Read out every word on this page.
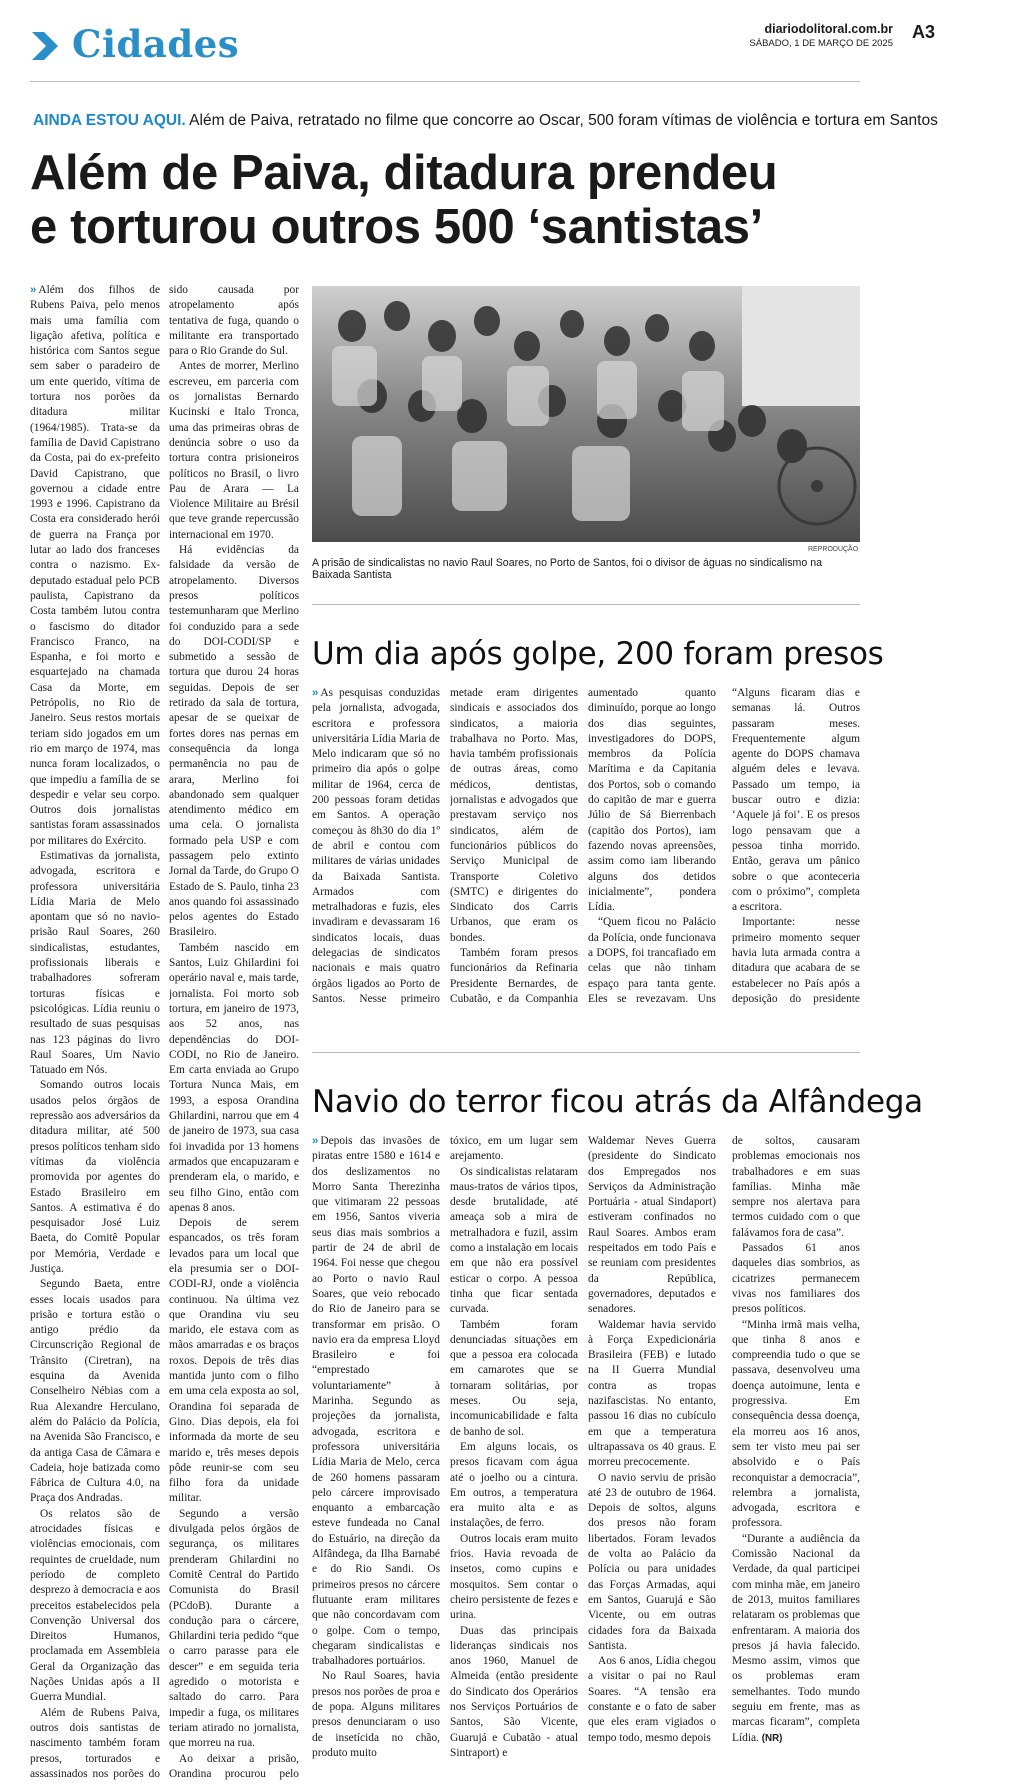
Cidades	diariodolitoral.com.br
SÁBADO, 1 DE MARÇO DE 2025
A3
AINDA ESTOU AQUI. Além de Paiva, retratado no filme que concorre ao Oscar, 500 foram vítimas de violência e tortura em Santos
Além de Paiva, ditadura prendeu
e torturou outros 500 ‘santistas’

» Além dos filhos de Rubens Paiva, pelo menos mais uma família com ligação afetiva, política e histórica com Santos segue sem saber o paradeiro de um ente querido, vítima de tortura nos porões da ditadura militar (1964/1985). Trata-se da família de David Capistrano da Costa, pai do ex-prefeito David Capistrano, que governou a cidade entre 1993 e 1996. Capistrano da Costa era considerado herói de guerra na França por lutar ao lado dos franceses contra o nazismo. Ex-deputado estadual pelo PCB paulista, Capistrano da Costa também lutou contra o fascismo do ditador Francisco Franco, na Espanha, e foi morto e esquartejado na chamada Casa da Morte, em Petrópolis, no Rio de Janeiro. Seus restos mortais teriam sido jogados em um rio em março de 1974, mas nunca foram localizados, o que impediu a família de se despedir e velar seu corpo. Outros dois jornalistas santistas foram assassinados por militares do Exército.

Estimativas da jornalista, advogada, escritora e professora universitária Lídia Maria de Melo apontam que só no navio-prisão Raul Soares, 260 sindicalistas, estudantes, profissionais liberais e trabalhadores sofreram torturas físicas e psicológicas. Lídia reuniu o resultado de suas pesquisas nas 123 páginas do livro Raul Soares, Um Navio Tatuado em Nós.

Somando outros locais usados pelos órgãos de repressão aos adversários da ditadura militar, até 500 presos políticos tenham sido vítimas da violência promovida por agentes do Estado Brasileiro em Santos. A estimativa é do pesquisador José Luiz Baeta, do Comitê Popular por Memória, Verdade e Justiça.

Segundo Baeta, entre esses locais usados para prisão e tortura estão o antigo prédio da Circunscrição Regional de Trânsito (Ciretran), na esquina da Avenida Conselheiro Nébias com a Rua Alexandre Herculano, além do Palácio da Polícia, na Avenida São Francisco, e da antiga Casa de Câmara e Cadeia, hoje batizada como Fábrica de Cultura 4.0, na Praça dos Andradas.

Os relatos são de atrocidades físicas e violências emocionais, com requintes de crueldade, num período de completo desprezo à democracia e aos preceitos estabelecidos pela Convenção Universal dos Direitos Humanos, proclamada em Assembleia Geral da Organização das Nações Unidas após a II Guerra Mundial.

Além de Rubens Paiva, outros dois santistas de nascimento também foram presos, torturados e assassinados nos porões do

sido causada por atropelamento após tentativa de fuga, quando o militante era transportado para o Rio Grande do Sul.

Antes de morrer, Merlino escreveu, em parceria com os jornalistas Bernardo Kucinski e Italo Tronca, uma das primeiras obras de denúncia sobre o uso da tortura contra prisioneiros políticos no Brasil, o livro Pau de Arara — La Violence Militaire au Brésil que teve grande repercussão internacional em 1970.

Há evidências da falsidade da versão de atropelamento. Diversos presos políticos testemunharam que Merlino foi conduzido para a sede do DOI-CODI/SP e submetido a sessão de tortura que durou 24 horas seguidas. Depois de ser retirado da sala de tortura, apesar de se queixar de fortes dores nas pernas em consequência da longa permanência no pau de arara, Merlino foi abandonado sem qualquer atendimento médico em uma cela. O jornalista formado pela USP e com passagem pelo extinto Jornal da Tarde, do Grupo O Estado de S. Paulo, tinha 23 anos quando foi assassinado pelos agentes do Estado Brasileiro.

Também nascido em Santos, Luiz Ghilardini foi operário naval e, mais tarde, jornalista. Foi morto sob tortura, em janeiro de 1973, aos 52 anos, nas dependências do DOI-CODI, no Rio de Janeiro. Em carta enviada ao Grupo Tortura Nunca Mais, em 1993, a esposa Orandina Ghilardini, narrou que em 4 de janeiro de 1973, sua casa foi invadida por 13 homens armados que encapuzaram e prenderam ela, o marido, e seu filho Gino, então com apenas 8 anos.

Depois de serem espancados, os três foram levados para um local que ela presumia ser o DOI-CODI-RJ, onde a violência continuou. Na última vez que Orandina viu seu marido, ele estava com as mãos amarradas e os braços roxos. Depois de três dias mantida junto com o filho em uma cela exposta ao sol, Orandina foi separada de Gino. Dias depois, ela foi informada da morte de seu marido e, três meses depois pôde reunir-se com seu filho fora da unidade militar.

Segundo a versão divulgada pelos órgãos de segurança, os militares prenderam Ghilardini no Comitê Central do Partido Comunista do Brasil (PCdoB). Durante a condução para o cárcere, Ghilardini teria pedido “que o carro parasse para ele descer” e em seguida teria agredido o motorista e saltado do carro. Para impedir a fuga, os militares teriam atirado no jornalista, que morreu na rua.

Ao deixar a prisão, Orandina procurou pelo

REPRODUÇÃO
A prisão de sindicalistas no navio Raul Soares, no Porto de Santos, foi o divisor de águas no sindicalismo na Baixada Santista
Um dia após golpe, 200 foram presos

» As pesquisas conduzidas pela jornalista, advogada, escritora e professora universitária Lídia Maria de Melo indicaram que só no primeiro dia após o golpe militar de 1964, cerca de 200 pessoas foram detidas em Santos. A operação começou às 8h30 do dia 1º de abril e contou com militares de várias unidades da Baixada Santista. Armados com metralhadoras e fuzis, eles invadiram e devassaram 16 sindicatos locais, duas delegacias de sindicatos nacionais e mais quatro órgãos ligados ao Porto de Santos. Nesse primeiro

metade eram dirigentes sindicais e associados dos sindicatos, a maioria trabalhava no Porto. Mas, havia também profissionais de outras áreas, como médicos, dentistas, jornalistas e advogados que prestavam serviço nos sindicatos, além de funcionários públicos do Serviço Municipal de Transporte Coletivo (SMTC) e dirigentes do Sindicato dos Carris Urbanos, que eram os bondes.

Também foram presos funcionários da Refinaria Presidente Bernardes, de Cubatão, e da Companhia

aumentado quanto diminuído, porque ao longo dos dias seguintes, investigadores do DOPS, membros da Polícia Marítima e da Capitania dos Portos, sob o comando do capitão de mar e guerra Júlio de Sá Bierrenbach (capitão dos Portos), iam fazendo novas apreensões, assim como iam liberando alguns dos detidos inicialmente”, pondera Lídia.

“Quem ficou no Palácio da Polícia, onde funcionava a DOPS, foi trancafiado em celas que não tinham espaço para tanta gente. Eles se revezavam. Uns

“Alguns ficaram dias e semanas lá. Outros passaram meses. Frequentemente algum agente do DOPS chamava alguém deles e levava. Passado um tempo, ia buscar outro e dizia: ‘Aquele já foi’. E os presos logo pensavam que a pessoa tinha morrido. Então, gerava um pânico sobre o que aconteceria com o próximo”, completa a escritora.

Importante: nesse primeiro momento sequer havia luta armada contra a ditadura que acabara de se estabelecer no País após a deposição do presidente

Navio do terror ficou atrás da Alfândega

» Depois das invasões de piratas entre 1580 e 1614 e dos deslizamentos no Morro Santa Therezinha que vitimaram 22 pessoas em 1956, Santos viveria seus dias mais sombrios a partir de 24 de abril de 1964. Foi nesse que chegou ao Porto o navio Raul Soares, que veio rebocado do Rio de Janeiro para se transformar em prisão. O navio era da empresa Lloyd Brasileiro e foi “emprestado voluntariamente” à Marinha. Segundo as projeções da jornalista, advogada, escritora e professora universitária Lídia Maria de Melo, cerca de 260 homens passaram pelo cárcere improvisado enquanto a embarcação esteve fundeada no Canal do Estuário, na direção da Alfândega, da Ilha Barnabé e do Rio Sandi. Os primeiros presos no cárcere flutuante eram militares que não concordavam com o golpe. Com o tempo, chegaram sindicalistas e trabalhadores portuários.

No Raul Soares, havia presos nos porões de proa e de popa. Alguns militares presos denunciaram o uso de insetícida no chão, produto muito

tóxico, em um lugar sem arejamento.

Os sindicalistas relataram maus-tratos de vários tipos, desde brutalidade, até ameaça sob a mira de metralhadora e fuzil, assim como a instalação em locais em que não era possível esticar o corpo. A pessoa tinha que ficar sentada curvada.

Também foram denunciadas situações em que a pessoa era colocada em camarotes que se tornaram solitárias, por meses. Ou seja, incomunicabilidade e falta de banho de sol.

Em alguns locais, os presos ficavam com água até o joelho ou a cintura. Em outros, a temperatura era muito alta e as instalações, de ferro.

Outros locais eram muito frios. Havia revoada de insetos, como cupins e mosquitos. Sem contar o cheiro persistente de fezes e urina.

Duas das principais lideranças sindicais nos anos 1960, Manuel de Almeida (então presidente do Sindicato dos Operários nos Serviços Portuários de Santos, São Vicente, Guarujá e Cubatão - atual Sintraport) e

Waldemar Neves Guerra (presidente do Sindicato dos Empregados nos Serviços da Administração Portuária - atual Sindaport) estiveram confinados no Raul Soares. Ambos eram respeitados em todo País e se reuniam com presidentes da República, governadores, deputados e senadores.

Waldemar havia servido à Força Expedicionária Brasileira (FEB) e lutado na II Guerra Mundial contra as tropas nazifascistas. No entanto, passou 16 dias no cubículo em que a temperatura ultrapassava os 40 graus. E morreu precocemente.

O navio serviu de prisão até 23 de outubro de 1964. Depois de soltos, alguns dos presos não foram libertados. Foram levados de volta ao Palácio da Polícia ou para unidades das Forças Armadas, aqui em Santos, Guarujá e São Vicente, ou em outras cidades fora da Baixada Santista.

Aos 6 anos, Lídia chegou a visitar o pai no Raul Soares. “A tensão era constante e o fato de saber que eles eram vigiados o tempo todo, mesmo depois

de soltos, causaram problemas emocionais nos trabalhadores e em suas famílias. Minha mãe sempre nos alertava para termos cuidado com o que falávamos fora de casa”.

Passados 61 anos daqueles dias sombrios, as cicatrizes permanecem vivas nos familiares dos presos políticos.

“Minha irmã mais velha, que tinha 8 anos e compreendia tudo o que se passava, desenvolveu uma doença autoimune, lenta e progressiva. Em consequência dessa doença, ela morreu aos 16 anos, sem ter visto meu pai ser absolvido e o País reconquistar a democracia”, relembra a jornalista, advogada, escritora e professora.

“Durante a audiência da Comissão Nacional da Verdade, da qual participei com minha mãe, em janeiro de 2013, muitos familiares relataram os problemas que enfrentaram. A maioria dos presos já havia falecido. Mesmo assim, vimos que os problemas eram semelhantes. Todo mundo seguiu em frente, mas as marcas ficaram”, completa Lídia. (NR)
